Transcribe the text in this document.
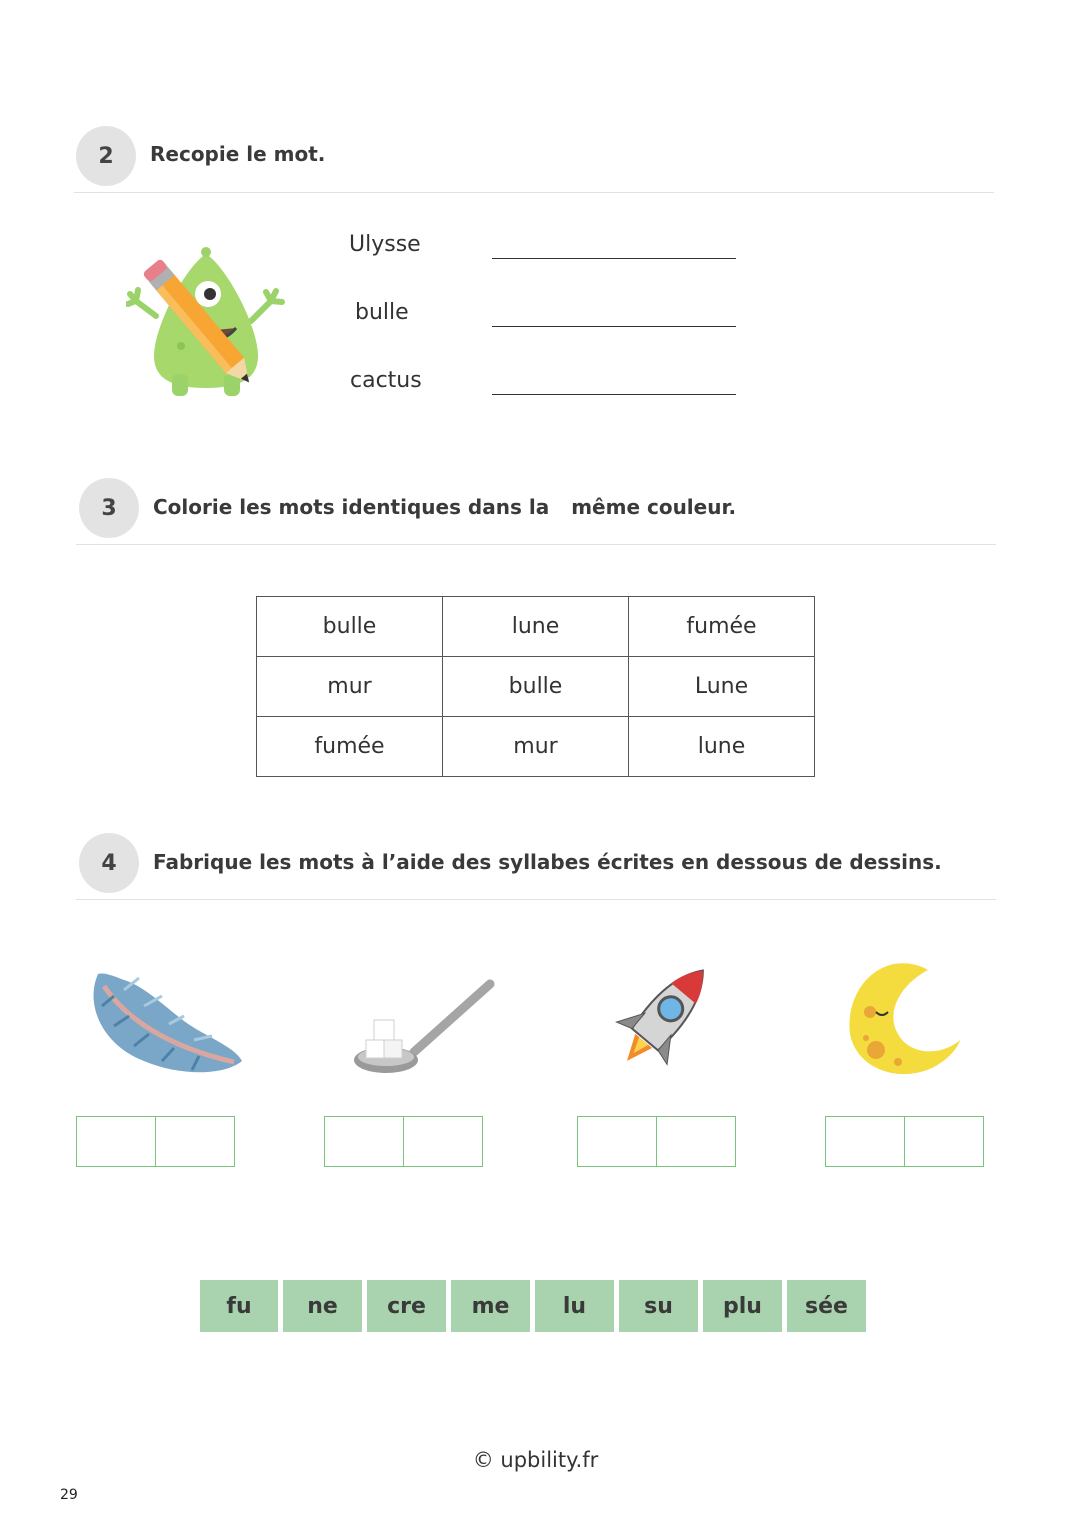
2 Recopie le mot.
Ulysse
bulle
cactus
3 Colorie les mots identiques dans la même couleur.
bulle	lune	fumée
mur	bulle	Lune
fumée	mur	lune
4 Fabrique les mots à l’aide des syllabes écrites en dessous de dessins.
fu	ne	cre	me	lu	su	plu	sée
© upbility.fr
29
